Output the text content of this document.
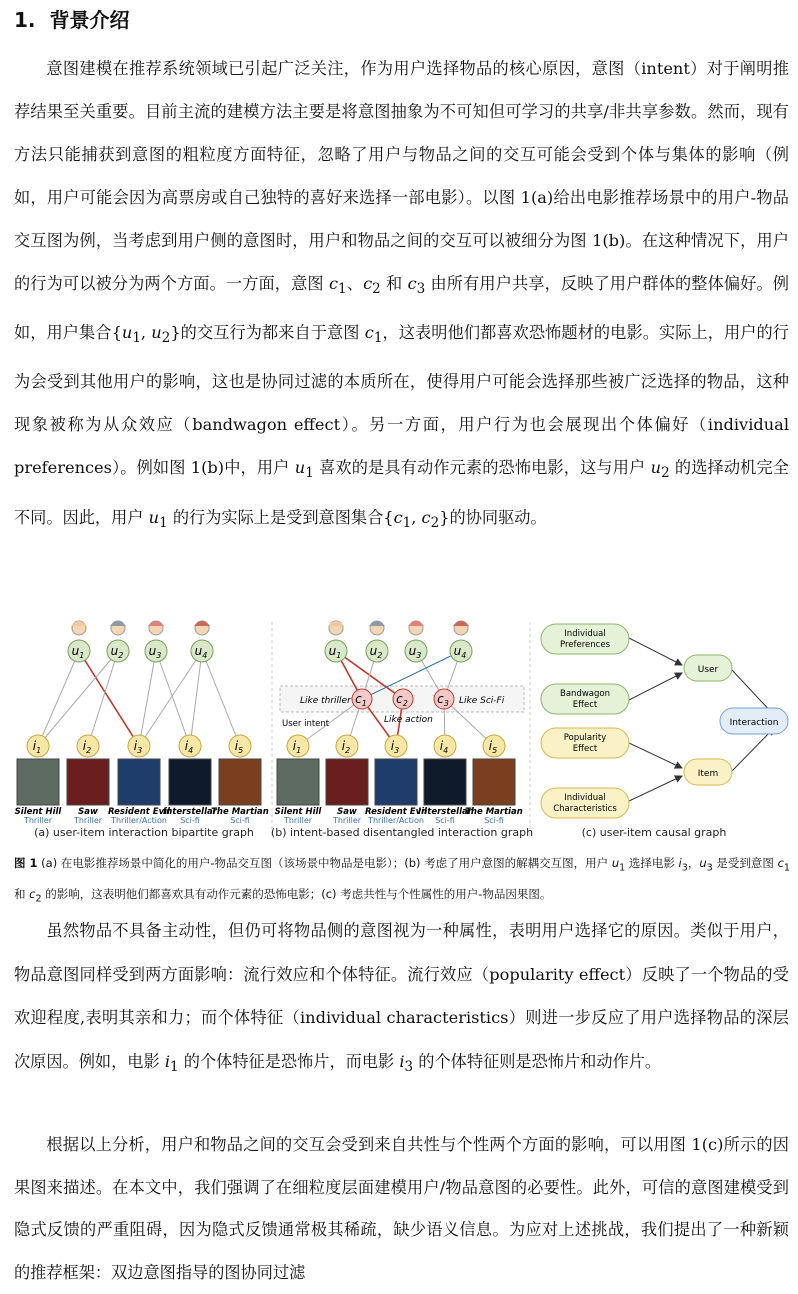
1. 背景介绍

意图建模在推荐系统领域已引起广泛关注，作为用户选择物品的核心原因，意图（intent）对于阐明推荐结果至关重要。目前主流的建模方法主要是将意图抽象为不可知但可学习的共享/非共享参数。然而，现有方法只能捕获到意图的粗粒度方面特征，忽略了用户与物品之间的交互可能会受到个体与集体的影响（例如，用户可能会因为高票房或自己独特的喜好来选择一部电影）。以图 1(a)给出电影推荐场景中的用户-物品交互图为例，当考虑到用户侧的意图时，用户和物品之间的交互可以被细分为图 1(b)。在这种情况下，用户的行为可以被分为两个方面。一方面，意图 $c_1$、$c_2$ 和 $c_3$ 由所有用户共享，反映了用户群体的整体偏好。例如，用户集合{$u_1$, $u_2$}的交互行为都来自于意图 $c_1$，这表明他们都喜欢恐怖题材的电影。实际上，用户的行为会受到其他用户的影响，这也是协同过滤的本质所在，使得用户可能会选择那些被广泛选择的物品，这种现象被称为从众效应（bandwagon effect）。另一方面，用户行为也会展现出个体偏好（individual preferences）。例如图 1(b)中，用户 $u_1$ 喜欢的是具有动作元素的恐怖电影，这与用户 $u_2$ 的选择动机完全不同。因此，用户 $u_1$ 的行为实际上是受到意图集合{$c_1$, $c_2$}的协同驱动。

$u_1$ $u_2$ $u_3$	$u_4$
$i_1$
Silent Hill
Thriller
$i_2$
Saw
Thriller
$i_3$
Resident Evil
Thriller/Action
$i_4$
Interstellar
Sci-fi
$i_5$
The Martian
Sci-fi
Like thriller	Like Sci-Fi
Like action
User intent
$u_1$ $u_2$ $u_3$	$u_4$
$c_1$ $c_2$ $c_3$
$i_1$
Silent Hill
Thriller
$i_2$
Saw
Thriller
$i_3$
Resident Evil
Thriller/Action
$i_4$
Interstellar
Sci-fi
$i_5$
The Martian
Sci-fi
Individual
Preferences
Bandwagon
Effect
Popularity
Effect
Individual
Characteristics
User
Item
Interaction
(a) user-item interaction bipartite graph (b) intent-based disentangled interaction graph	(c) user-item causal graph

图 1 (a) 在电影推荐场景中简化的用户-物品交互图（该场景中物品是电影）；(b) 考虑了用户意图的解耦交互图，用户 $u_1$ 选择电影 $i_3$，$u_3$ 是受到意图 $c_1$ 和 $c_2$ 的影响，这表明他们都喜欢具有动作元素的恐怖电影；(c) 考虑共性与个性属性的用户-物品因果图。

虽然物品不具备主动性，但仍可将物品侧的意图视为一种属性，表明用户选择它的原因。类似于用户，物品意图同样受到两方面影响：流行效应和个体特征。流行效应（popularity effect）反映了一个物品的受欢迎程度,表明其亲和力；而个体特征（individual characteristics）则进一步反应了用户选择物品的深层次原因。例如，电影 $i_1$ 的个体特征是恐怖片，而电影 $i_3$ 的个体特征则是恐怖片和动作片。

根据以上分析，用户和物品之间的交互会受到来自共性与个性两个方面的影响，可以用图 1(c)所示的因果图来描述。在本文中，我们强调了在细粒度层面建模用户/物品意图的必要性。此外，可信的意图建模受到隐式反馈的严重阻碍，因为隐式反馈通常极其稀疏，缺少语义信息。为应对上述挑战，我们提出了一种新颖的推荐框架：双边意图指导的图协同过滤
